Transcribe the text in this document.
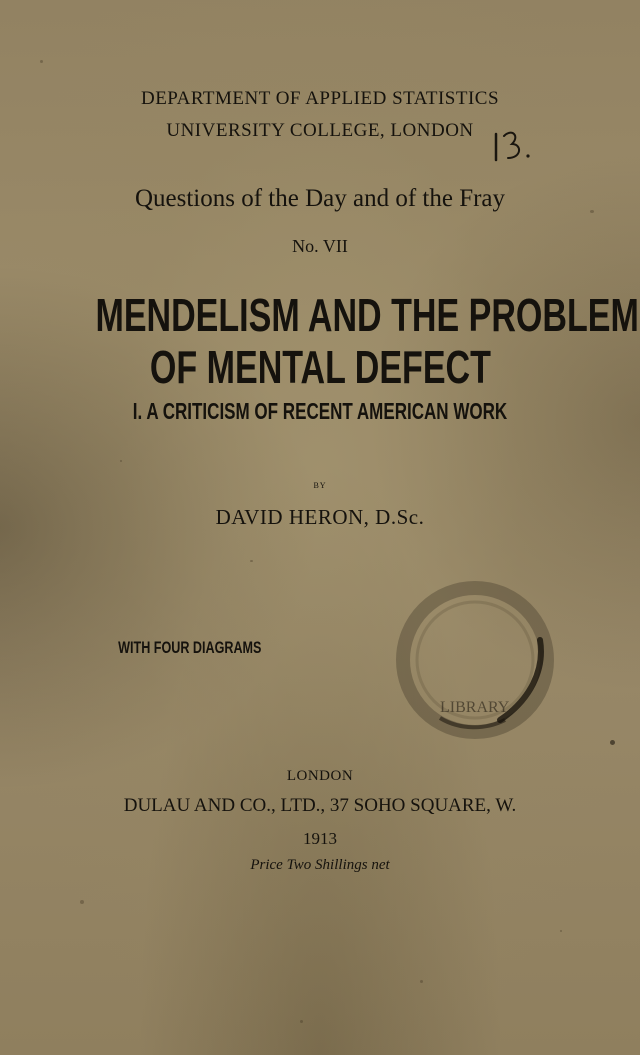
DEPARTMENT OF APPLIED STATISTICS

UNIVERSITY COLLEGE, LONDON

Questions of the Day and of the Fray

No. VII

MENDELISM AND THE PROBLEM

OF MENTAL DEFECT

I. A CRITICISM OF RECENT AMERICAN WORK

BY

DAVID HERON, D.Sc.

WITH FOUR DIAGRAMS

LIBRARY

LONDON

DULAU AND CO., LTD., 37 SOHO SQUARE, W.

1913

Price Two Shillings net
